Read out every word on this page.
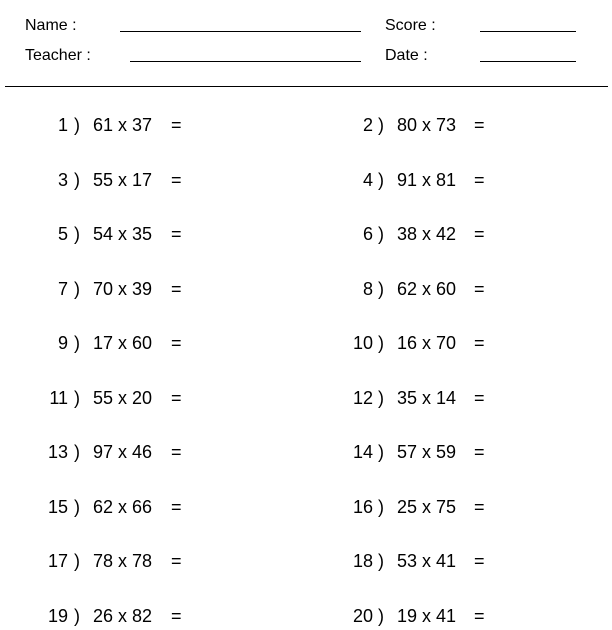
Name :	Score :
Teacher :	Date :
1 ) 61 x 37 =	2 ) 80 x 73 =
3 ) 55 x 17 =	4 ) 91 x 81 =
5 ) 54 x 35 =	6 ) 38 x 42 =
7 ) 70 x 39 =	8 ) 62 x 60 =
9 ) 17 x 60 =	10 ) 16 x 70 =
11 ) 55 x 20 =	12 ) 35 x 14 =
13 ) 97 x 46 =	14 ) 57 x 59 =
15 ) 62 x 66 =	16 ) 25 x 75 =
17 ) 78 x 78 =	18 ) 53 x 41 =
19 ) 26 x 82 =	20 ) 19 x 41 =
